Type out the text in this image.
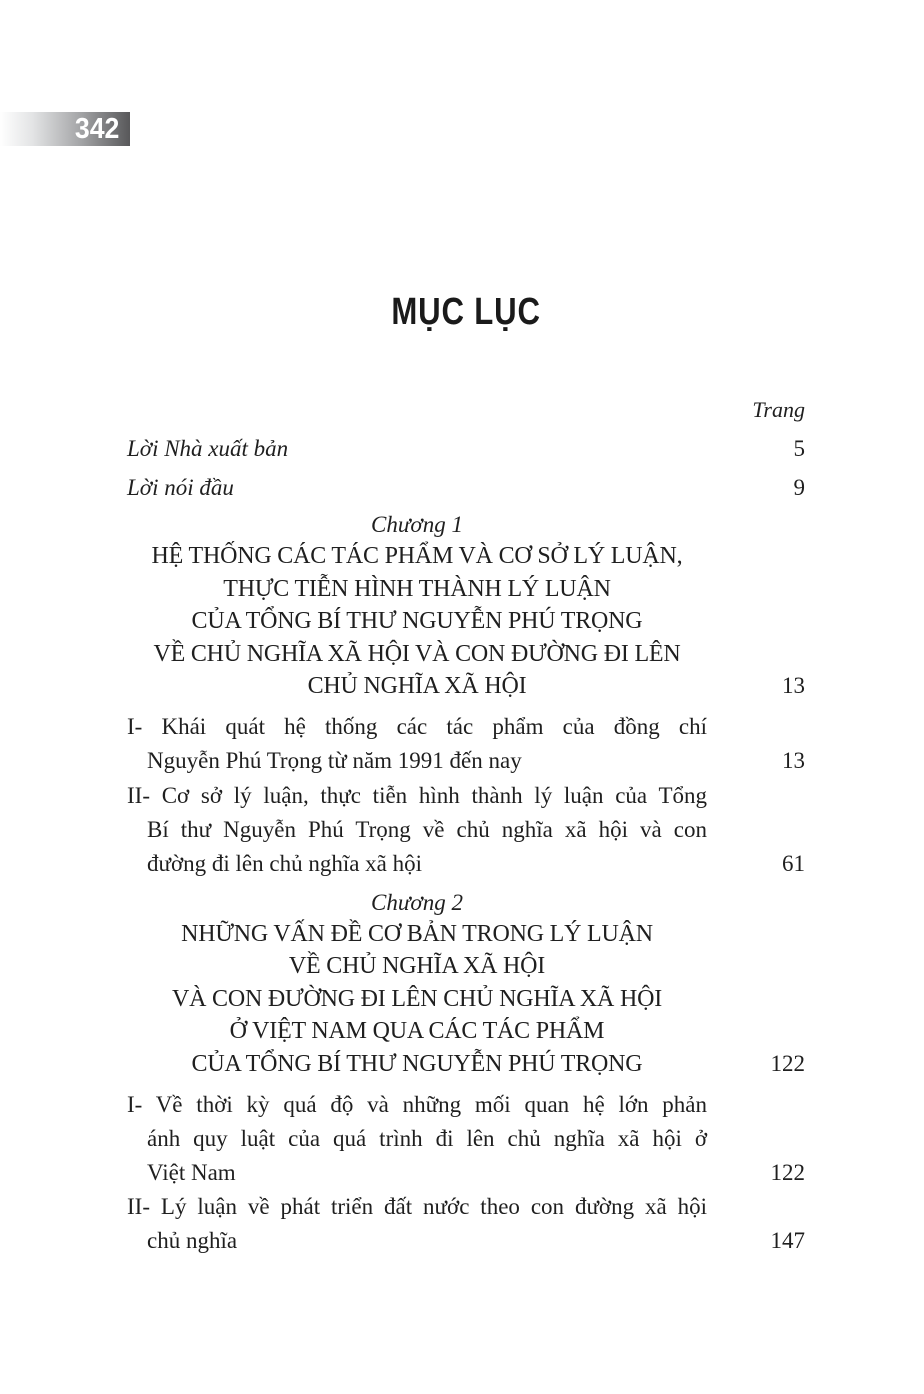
342
MỤC LỤC
Trang
Lời Nhà xuất bản	5
Lời nói đầu	9
Chương 1
HỆ THỐNG CÁC TÁC PHẨM VÀ CƠ SỞ LÝ LUẬN,
THỰC TIỄN HÌNH THÀNH LÝ LUẬN
CỦA TỔNG BÍ THƯ NGUYỄN PHÚ TRỌNG
VỀ CHỦ NGHĨA XÃ HỘI VÀ CON ĐƯỜNG ĐI LÊN
CHỦ NGHĨA XÃ HỘI	13
I- Khái quát hệ thống các tác phẩm của đồng chí
Nguyễn Phú Trọng từ năm 1991 đến nay	13
II- Cơ sở lý luận, thực tiễn hình thành lý luận của Tổng
Bí thư Nguyễn Phú Trọng về chủ nghĩa xã hội và con
đường đi lên chủ nghĩa xã hội	61
Chương 2
NHỮNG VẤN ĐỀ CƠ BẢN TRONG LÝ LUẬN
VỀ CHỦ NGHĨA XÃ HỘI
VÀ CON ĐƯỜNG ĐI LÊN CHỦ NGHĨA XÃ HỘI
Ở VIỆT NAM QUA CÁC TÁC PHẨM
CỦA TỔNG BÍ THƯ NGUYỄN PHÚ TRỌNG	122
I- Về thời kỳ quá độ và những mối quan hệ lớn phản
ánh quy luật của quá trình đi lên chủ nghĩa xã hội ở
Việt Nam	122
II- Lý luận về phát triển đất nước theo con đường xã hội
chủ nghĩa	147
